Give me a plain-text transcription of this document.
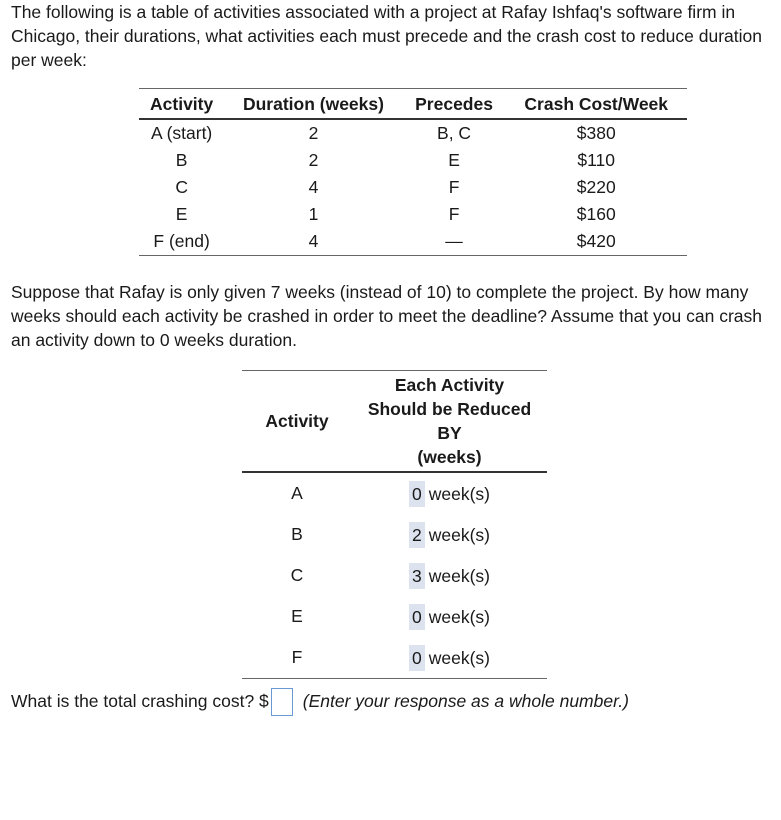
The following is a table of activities associated with a project at Rafay Ishfaq's software firm in Chicago, their durations, what activities each must precede and the crash cost to reduce duration per week:
Activity	Duration (weeks)	Precedes	Crash Cost/Week
A (start)	2	B, C	$380
B	2	E	$110
C	4	F	$220
E	1	F	$160
F (end)	4	—	$420
Suppose that Rafay is only given 7 weeks (instead of 10) to complete the project. By how many weeks should each activity be crashed in order to meet the deadline? Assume that you can crash an activity down to 0 weeks duration.
Activity	Each Activity
Should be Reduced
BY
(weeks)

A	0 week(s)
B	2 week(s)
C	3 week(s)
E	0 week(s)
F	0 week(s)
What is the total crashing cost? $ (Enter your response as a whole number.)
